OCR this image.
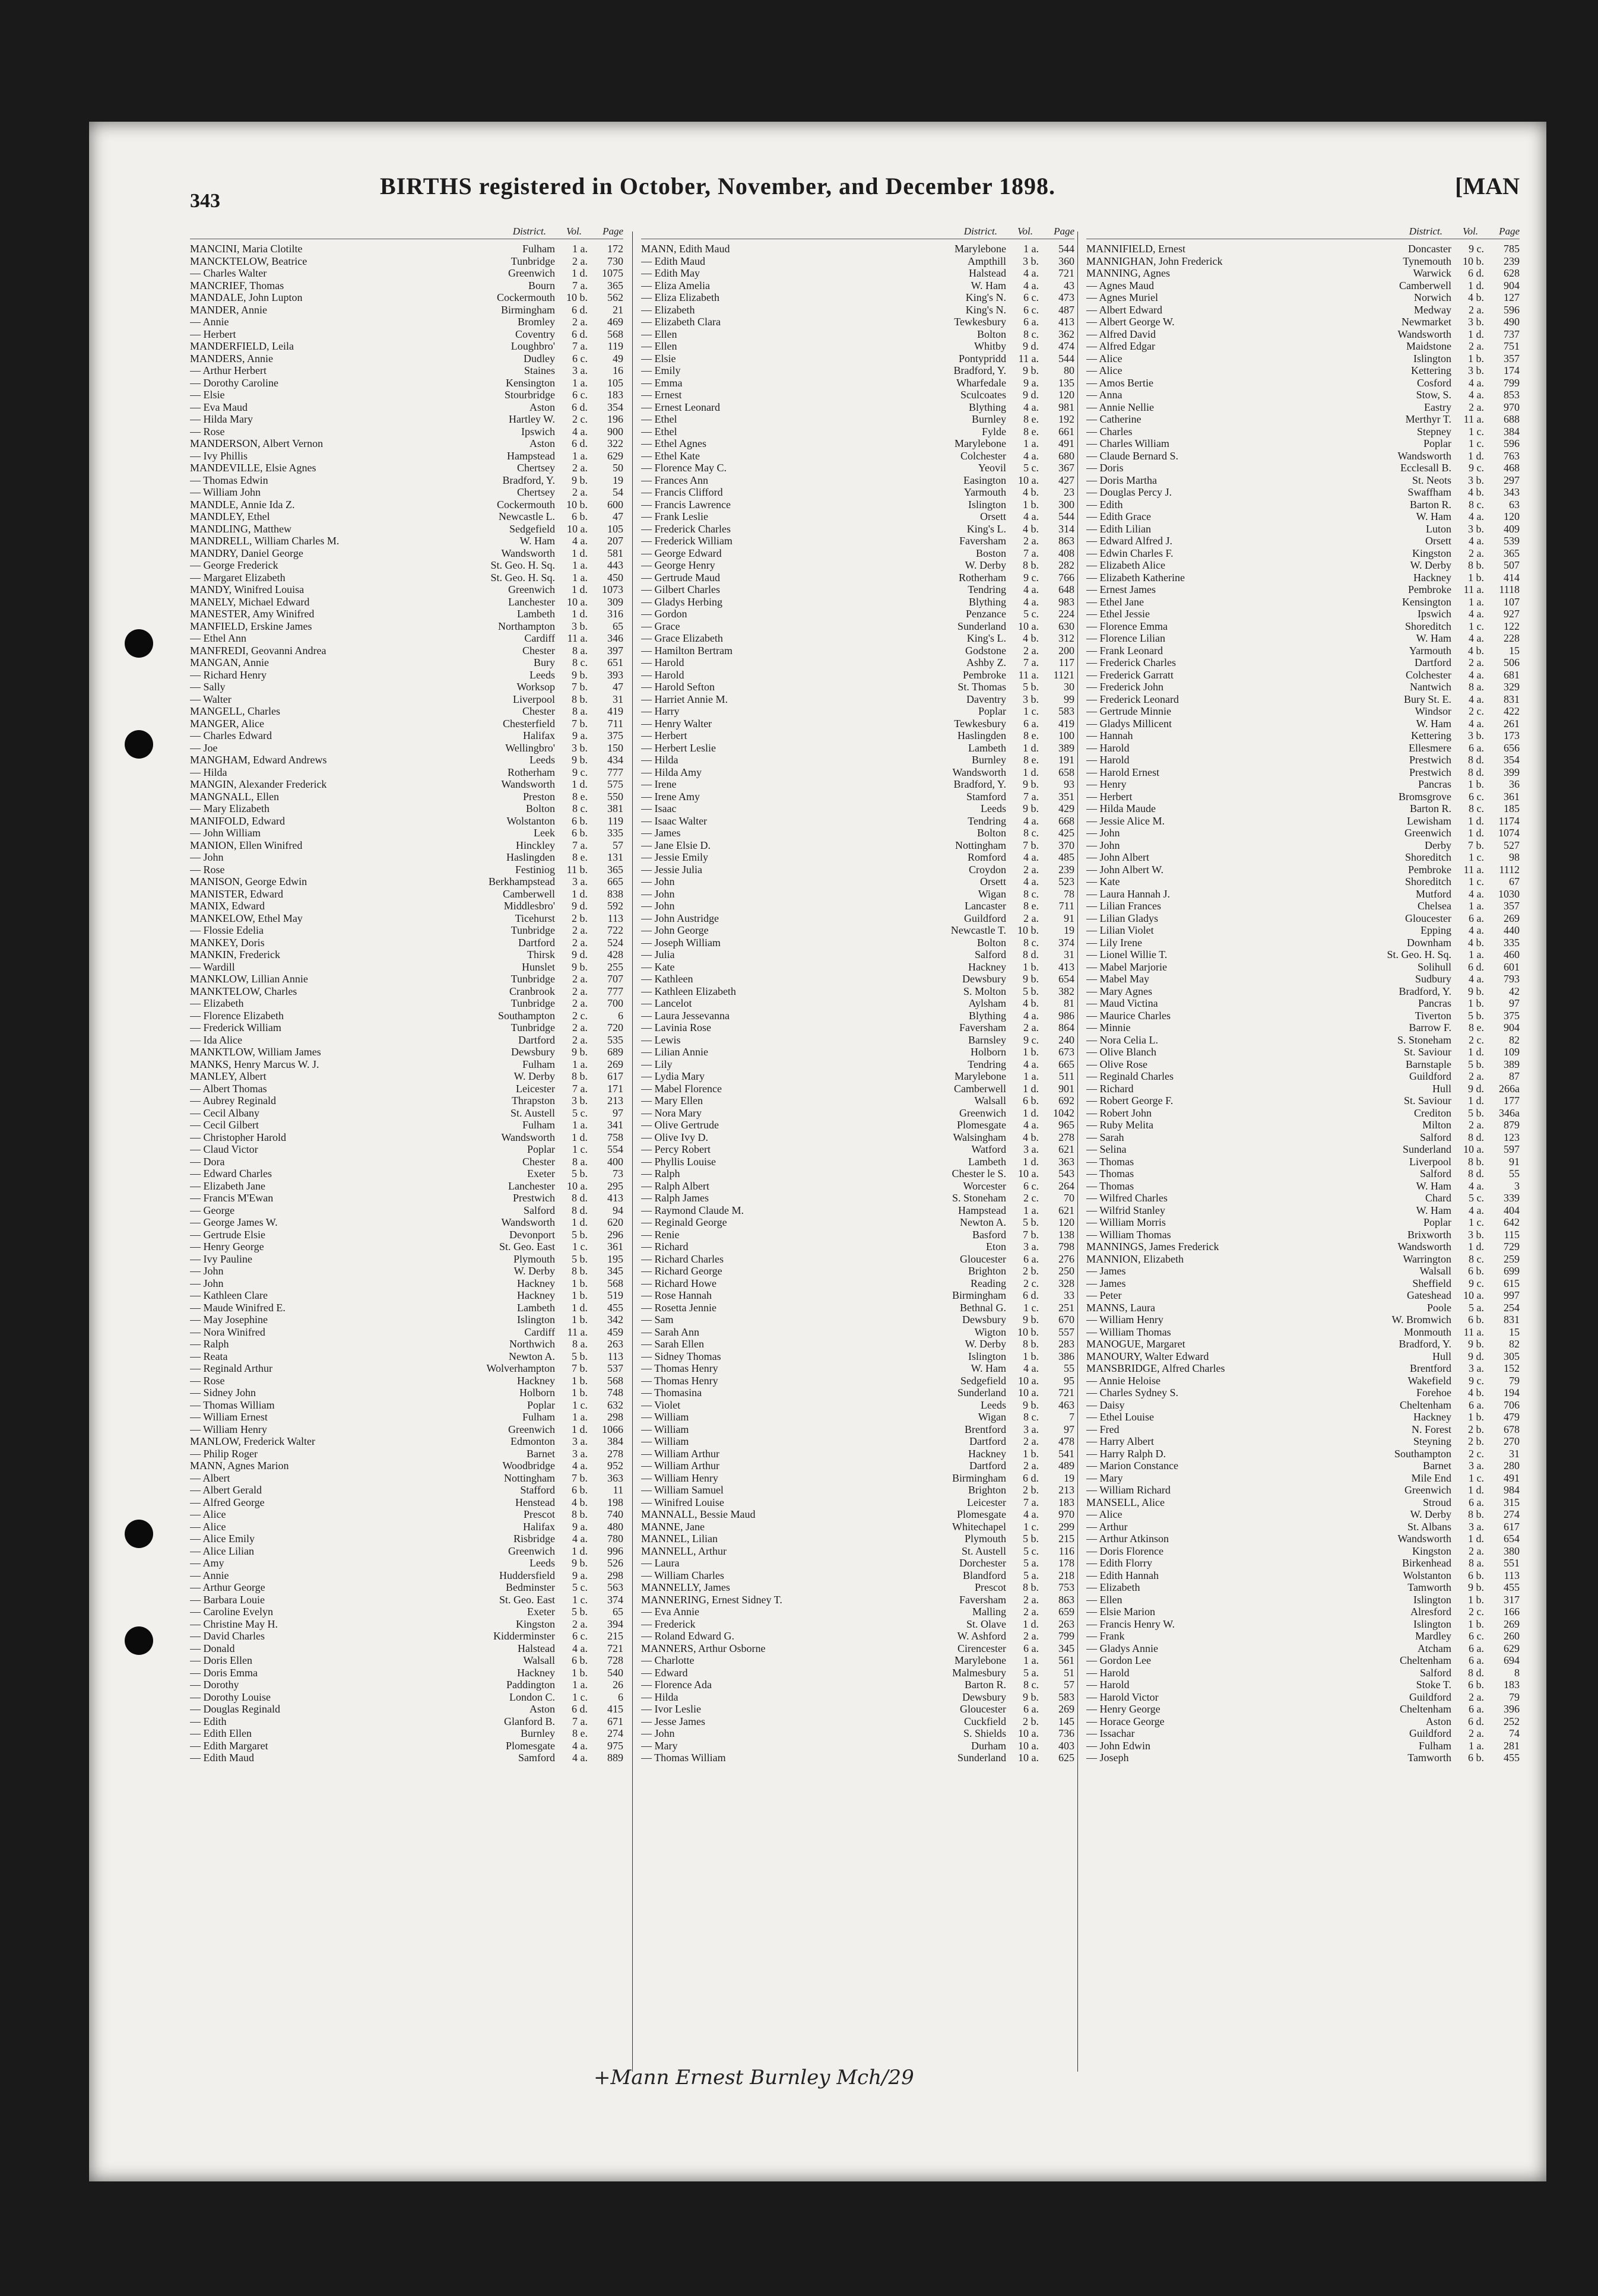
343
BIRTHS registered in October, November, and December 1898.	[MAN
District.	Vol.	Page
MANCINI, Maria Clotilte	Fulham	1 a.	172
MANCKTELOW, Beatrice	Tunbridge	2 a.	730
— Charles Walter	Greenwich	1 d.	1075
MANCRIEF, Thomas	Bourn	7 a.	365
MANDALE, John Lupton	Cockermouth	10 b.	562
MANDER, Annie	Birmingham	6 d.	21
— Annie	Bromley	2 a.	469
— Herbert	Coventry	6 d.	568
MANDERFIELD, Leila	Loughbro'	7 a.	119
MANDERS, Annie	Dudley	6 c.	49
— Arthur Herbert	Staines	3 a.	16
— Dorothy Caroline	Kensington	1 a.	105
— Elsie	Stourbridge	6 c.	183
— Eva Maud	Aston	6 d.	354
— Hilda Mary	Hartley W.	2 c.	196
— Rose	Ipswich	4 a.	900
MANDERSON, Albert Vernon	Aston	6 d.	322
— Ivy Phillis	Hampstead	1 a.	629
MANDEVILLE, Elsie Agnes	Chertsey	2 a.	50
— Thomas Edwin	Bradford, Y.	9 b.	19
— William John	Chertsey	2 a.	54
MANDLE, Annie Ida Z.	Cockermouth	10 b.	600
MANDLEY, Ethel	Newcastle L.	6 b.	47
MANDLING, Matthew	Sedgefield	10 a.	105
MANDRELL, William Charles M.	W. Ham	4 a.	207
MANDRY, Daniel George	Wandsworth	1 d.	581
— George Frederick	St. Geo. H. Sq.	1 a.	443
— Margaret Elizabeth	St. Geo. H. Sq.	1 a.	450
MANDY, Winifred Louisa	Greenwich	1 d.	1073
MANELY, Michael Edward	Lanchester	10 a.	309
MANESTER, Amy Winifred	Lambeth	1 d.	316
MANFIELD, Erskine James	Northampton	3 b.	65
— Ethel Ann	Cardiff	11 a.	346
MANFREDI, Geovanni Andrea	Chester	8 a.	397
MANGAN, Annie	Bury	8 c.	651
— Richard Henry	Leeds	9 b.	393
— Sally	Worksop	7 b.	47
— Walter	Liverpool	8 b.	31
MANGELL, Charles	Chester	8 a.	419
MANGER, Alice	Chesterfield	7 b.	711
— Charles Edward	Halifax	9 a.	375
— Joe	Wellingbro'	3 b.	150
MANGHAM, Edward Andrews	Leeds	9 b.	434
— Hilda	Rotherham	9 c.	777
MANGIN, Alexander Frederick	Wandsworth	1 d.	575
MANGNALL, Ellen	Preston	8 e.	550
— Mary Elizabeth	Bolton	8 c.	381
MANIFOLD, Edward	Wolstanton	6 b.	119
— John William	Leek	6 b.	335
MANION, Ellen Winifred	Hinckley	7 a.	57
— John	Haslingden	8 e.	131
— Rose	Festiniog	11 b.	365
MANISON, George Edwin	Berkhampstead	3 a.	665
MANISTER, Edward	Camberwell	1 d.	838
MANIX, Edward	Middlesbro'	9 d.	592
MANKELOW, Ethel May	Ticehurst	2 b.	113
— Flossie Edelia	Tunbridge	2 a.	722
MANKEY, Doris	Dartford	2 a.	524
MANKIN, Frederick	Thirsk	9 d.	428
— Wardill	Hunslet	9 b.	255
MANKLOW, Lillian Annie	Tunbridge	2 a.	707
MANKTELOW, Charles	Cranbrook	2 a.	777
— Elizabeth	Tunbridge	2 a.	700
— Florence Elizabeth	Southampton	2 c.	6
— Frederick William	Tunbridge	2 a.	720
— Ida Alice	Dartford	2 a.	535
MANKTLOW, William James	Dewsbury	9 b.	689
MANKS, Henry Marcus W. J.	Fulham	1 a.	269
MANLEY, Albert	W. Derby	8 b.	617
— Albert Thomas	Leicester	7 a.	171
— Aubrey Reginald	Thrapston	3 b.	213
— Cecil Albany	St. Austell	5 c.	97
— Cecil Gilbert	Fulham	1 a.	341
— Christopher Harold	Wandsworth	1 d.	758
— Claud Victor	Poplar	1 c.	554
— Dora	Chester	8 a.	400
— Edward Charles	Exeter	5 b.	73
— Elizabeth Jane	Lanchester	10 a.	295
— Francis M'Ewan	Prestwich	8 d.	413
— George	Salford	8 d.	94
— George James W.	Wandsworth	1 d.	620
— Gertrude Elsie	Devonport	5 b.	296
— Henry George	St. Geo. East	1 c.	361
— Ivy Pauline	Plymouth	5 b.	195
— John	W. Derby	8 b.	345
— John	Hackney	1 b.	568
— Kathleen Clare	Hackney	1 b.	519
— Maude Winifred E.	Lambeth	1 d.	455
— May Josephine	Islington	1 b.	342
— Nora Winifred	Cardiff	11 a.	459
— Ralph	Northwich	8 a.	263
— Reata	Newton A.	5 b.	113
— Reginald Arthur	Wolverhampton	7 b.	537
— Rose	Hackney	1 b.	568
— Sidney John	Holborn	1 b.	748
— Thomas William	Poplar	1 c.	632
— William Ernest	Fulham	1 a.	298
— William Henry	Greenwich	1 d.	1066
MANLOW, Frederick Walter	Edmonton	3 a.	384
— Philip Roger	Barnet	3 a.	278
MANN, Agnes Marion	Woodbridge	4 a.	952
— Albert	Nottingham	7 b.	363
— Albert Gerald	Stafford	6 b.	11
— Alfred George	Henstead	4 b.	198
— Alice	Prescot	8 b.	740
— Alice	Halifax	9 a.	480
— Alice Emily	Risbridge	4 a.	780
— Alice Lilian	Greenwich	1 d.	996
— Amy	Leeds	9 b.	526
— Annie	Huddersfield	9 a.	298
— Arthur George	Bedminster	5 c.	563
— Barbara Louie	St. Geo. East	1 c.	374
— Caroline Evelyn	Exeter	5 b.	65
— Christine May H.	Kingston	2 a.	394
— David Charles	Kidderminster	6 c.	215
— Donald	Halstead	4 a.	721
— Doris Ellen	Walsall	6 b.	728
— Doris Emma	Hackney	1 b.	540
— Dorothy	Paddington	1 a.	26
— Dorothy Louise	London C.	1 c.	6
— Douglas Reginald	Aston	6 d.	415
— Edith	Glanford B.	7 a.	671
— Edith Ellen	Burnley	8 e.	274
— Edith Margaret	Plomesgate	4 a.	975
— Edith Maud	Samford	4 a.	889
District.	Vol.	Page
MANN, Edith Maud	Marylebone	1 a.	544
— Edith Maud	Ampthill	3 b.	360
— Edith May	Halstead	4 a.	721
— Eliza Amelia	W. Ham	4 a.	43
— Eliza Elizabeth	King's N.	6 c.	473
— Elizabeth	King's N.	6 c.	487
— Elizabeth Clara	Tewkesbury	6 a.	413
— Ellen	Bolton	8 c.	362
— Ellen	Whitby	9 d.	474
— Elsie	Pontypridd	11 a.	544
— Emily	Bradford, Y.	9 b.	80
— Emma	Wharfedale	9 a.	135
— Ernest	Sculcoates	9 d.	120
— Ernest Leonard	Blything	4 a.	981
— Ethel	Burnley	8 e.	192
— Ethel	Fylde	8 e.	661
— Ethel Agnes	Marylebone	1 a.	491
— Ethel Kate	Colchester	4 a.	680
— Florence May C.	Yeovil	5 c.	367
— Frances Ann	Easington	10 a.	427
— Francis Clifford	Yarmouth	4 b.	23
— Francis Lawrence	Islington	1 b.	300
— Frank Leslie	Orsett	4 a.	544
— Frederick Charles	King's L.	4 b.	314
— Frederick William	Faversham	2 a.	863
— George Edward	Boston	7 a.	408
— George Henry	W. Derby	8 b.	282
— Gertrude Maud	Rotherham	9 c.	766
— Gilbert Charles	Tendring	4 a.	648
— Gladys Herbing	Blything	4 a.	983
— Gordon	Penzance	5 c.	224
— Grace	Sunderland	10 a.	630
— Grace Elizabeth	King's L.	4 b.	312
— Hamilton Bertram	Godstone	2 a.	200
— Harold	Ashby Z.	7 a.	117
— Harold	Pembroke	11 a.	1121
— Harold Sefton	St. Thomas	5 b.	30
— Harriet Annie M.	Daventry	3 b.	99
— Harry	Poplar	1 c.	583
— Henry Walter	Tewkesbury	6 a.	419
— Herbert	Haslingden	8 e.	100
— Herbert Leslie	Lambeth	1 d.	389
— Hilda	Burnley	8 e.	191
— Hilda Amy	Wandsworth	1 d.	658
— Irene	Bradford, Y.	9 b.	93
— Irene Amy	Stamford	7 a.	351
— Isaac	Leeds	9 b.	429
— Isaac Walter	Tendring	4 a.	668
— James	Bolton	8 c.	425
— Jane Elsie D.	Nottingham	7 b.	370
— Jessie Emily	Romford	4 a.	485
— Jessie Julia	Croydon	2 a.	239
— John	Orsett	4 a.	523
— John	Wigan	8 c.	78
— John	Lancaster	8 e.	711
— John Austridge	Guildford	2 a.	91
— John George	Newcastle T.	10 b.	19
— Joseph William	Bolton	8 c.	374
— Julia	Salford	8 d.	31
— Kate	Hackney	1 b.	413
— Kathleen	Dewsbury	9 b.	654
— Kathleen Elizabeth	S. Molton	5 b.	382
— Lancelot	Aylsham	4 b.	81
— Laura Jessevanna	Blything	4 a.	986
— Lavinia Rose	Faversham	2 a.	864
— Lewis	Barnsley	9 c.	240
— Lilian Annie	Holborn	1 b.	673
— Lily	Tendring	4 a.	665
— Lydia Mary	Marylebone	1 a.	511
— Mabel Florence	Camberwell	1 d.	901
— Mary Ellen	Walsall	6 b.	692
— Nora Mary	Greenwich	1 d.	1042
— Olive Gertrude	Plomesgate	4 a.	965
— Olive Ivy D.	Walsingham	4 b.	278
— Percy Robert	Watford	3 a.	621
— Phyllis Louise	Lambeth	1 d.	363
— Ralph	Chester le S.	10 a.	543
— Ralph Albert	Worcester	6 c.	264
— Ralph James	S. Stoneham	2 c.	70
— Raymond Claude M.	Hampstead	1 a.	621
— Reginald George	Newton A.	5 b.	120
— Renie	Basford	7 b.	138
— Richard	Eton	3 a.	798
— Richard Charles	Gloucester	6 a.	276
— Richard George	Brighton	2 b.	250
— Richard Howe	Reading	2 c.	328
— Rose Hannah	Birmingham	6 d.	33
— Rosetta Jennie	Bethnal G.	1 c.	251
— Sam	Dewsbury	9 b.	670
— Sarah Ann	Wigton	10 b.	557
— Sarah Ellen	W. Derby	8 b.	283
— Sidney Thomas	Islington	1 b.	386
— Thomas Henry	W. Ham	4 a.	55
— Thomas Henry	Sedgefield	10 a.	95
— Thomasina	Sunderland	10 a.	721
— Violet	Leeds	9 b.	463
— William	Wigan	8 c.	7
— William	Brentford	3 a.	97
— William	Dartford	2 a.	478
— William Arthur	Hackney	1 b.	541
— William Arthur	Dartford	2 a.	489
— William Henry	Birmingham	6 d.	19
— William Samuel	Brighton	2 b.	213
— Winifred Louise	Leicester	7 a.	183
MANNALL, Bessie Maud	Plomesgate	4 a.	970
MANNE, Jane	Whitechapel	1 c.	299
MANNEL, Lilian	Plymouth	5 b.	215
MANNELL, Arthur	St. Austell	5 c.	116
— Laura	Dorchester	5 a.	178
— William Charles	Blandford	5 a.	218
MANNELLY, James	Prescot	8 b.	753
MANNERING, Ernest Sidney T.	Faversham	2 a.	863
— Eva Annie	Malling	2 a.	659
— Frederick	St. Olave	1 d.	263
— Roland Edward G.	W. Ashford	2 a.	799
MANNERS, Arthur Osborne	Cirencester	6 a.	345
— Charlotte	Marylebone	1 a.	561
— Edward	Malmesbury	5 a.	51
— Florence Ada	Barton R.	8 c.	57
— Hilda	Dewsbury	9 b.	583
— Ivor Leslie	Gloucester	6 a.	269
— Jesse James	Cuckfield	2 b.	145
— John	S. Shields	10 a.	736
— Mary	Durham	10 a.	403
— Thomas William	Sunderland	10 a.	625
District.	Vol.	Page
MANNIFIELD, Ernest	Doncaster	9 c.	785
MANNIGHAN, John Frederick	Tynemouth	10 b.	239
MANNING, Agnes	Warwick	6 d.	628
— Agnes Maud	Camberwell	1 d.	904
— Agnes Muriel	Norwich	4 b.	127
— Albert Edward	Medway	2 a.	596
— Albert George W.	Newmarket	3 b.	490
— Alfred David	Wandsworth	1 d.	737
— Alfred Edgar	Maidstone	2 a.	751
— Alice	Islington	1 b.	357
— Alice	Kettering	3 b.	174
— Amos Bertie	Cosford	4 a.	799
— Anna	Stow, S.	4 a.	853
— Annie Nellie	Eastry	2 a.	970
— Catherine	Merthyr T.	11 a.	688
— Charles	Stepney	1 c.	384
— Charles William	Poplar	1 c.	596
— Claude Bernard S.	Wandsworth	1 d.	763
— Doris	Ecclesall B.	9 c.	468
— Doris Martha	St. Neots	3 b.	297
— Douglas Percy J.	Swaffham	4 b.	343
— Edith	Barton R.	8 c.	63
— Edith Grace	W. Ham	4 a.	120
— Edith Lilian	Luton	3 b.	409
— Edward Alfred J.	Orsett	4 a.	539
— Edwin Charles F.	Kingston	2 a.	365
— Elizabeth Alice	W. Derby	8 b.	507
— Elizabeth Katherine	Hackney	1 b.	414
— Ernest James	Pembroke	11 a.	1118
— Ethel Jane	Kensington	1 a.	107
— Ethel Jessie	Ipswich	4 a.	927
— Florence Emma	Shoreditch	1 c.	122
— Florence Lilian	W. Ham	4 a.	228
— Frank Leonard	Yarmouth	4 b.	15
— Frederick Charles	Dartford	2 a.	506
— Frederick Garratt	Colchester	4 a.	681
— Frederick John	Nantwich	8 a.	329
— Frederick Leonard	Bury St. E.	4 a.	831
— Gertrude Minnie	Windsor	2 c.	422
— Gladys Millicent	W. Ham	4 a.	261
— Hannah	Kettering	3 b.	173
— Harold	Ellesmere	6 a.	656
— Harold	Prestwich	8 d.	354
— Harold Ernest	Prestwich	8 d.	399
— Henry	Pancras	1 b.	36
— Herbert	Bromsgrove	6 c.	361
— Hilda Maude	Barton R.	8 c.	185
— Jessie Alice M.	Lewisham	1 d.	1174
— John	Greenwich	1 d.	1074
— John	Derby	7 b.	527
— John Albert	Shoreditch	1 c.	98
— John Albert W.	Pembroke	11 a.	1112
— Kate	Shoreditch	1 c.	67
— Laura Hannah J.	Mutford	4 a.	1030
— Lilian Frances	Chelsea	1 a.	357
— Lilian Gladys	Gloucester	6 a.	269
— Lilian Violet	Epping	4 a.	440
— Lily Irene	Downham	4 b.	335
— Lionel Willie T.	St. Geo. H. Sq.	1 a.	460
— Mabel Marjorie	Solihull	6 d.	601
— Mabel May	Sudbury	4 a.	793
— Mary Agnes	Bradford, Y.	9 b.	42
— Maud Victina	Pancras	1 b.	97
— Maurice Charles	Tiverton	5 b.	375
— Minnie	Barrow F.	8 e.	904
— Nora Celia L.	S. Stoneham	2 c.	82
— Olive Blanch	St. Saviour	1 d.	109
— Olive Rose	Barnstaple	5 b.	389
— Reginald Charles	Guildford	2 a.	87
— Richard	Hull	9 d.	266a
— Robert George F.	St. Saviour	1 d.	177
— Robert John	Crediton	5 b.	346a
— Ruby Melita	Milton	2 a.	879
— Sarah	Salford	8 d.	123
— Selina	Sunderland	10 a.	597
— Thomas	Liverpool	8 b.	91
— Thomas	Salford	8 d.	55
— Thomas	W. Ham	4 a.	3
— Wilfred Charles	Chard	5 c.	339
— Wilfrid Stanley	W. Ham	4 a.	404
— William Morris	Poplar	1 c.	642
— William Thomas	Brixworth	3 b.	115
MANNINGS, James Frederick	Wandsworth	1 d.	729
MANNION, Elizabeth	Warrington	8 c.	259
— James	Walsall	6 b.	699
— James	Sheffield	9 c.	615
— Peter	Gateshead	10 a.	997
MANNS, Laura	Poole	5 a.	254
— William Henry	W. Bromwich	6 b.	831
— William Thomas	Monmouth	11 a.	15
MANOGUE, Margaret	Bradford, Y.	9 b.	82
MANOURY, Walter Edward	Hull	9 d.	305
MANSBRIDGE, Alfred Charles	Brentford	3 a.	152
— Annie Heloise	Wakefield	9 c.	79
— Charles Sydney S.	Forehoe	4 b.	194
— Daisy	Cheltenham	6 a.	706
— Ethel Louise	Hackney	1 b.	479
— Fred	N. Forest	2 b.	678
— Harry Albert	Steyning	2 b.	270
— Harry Ralph D.	Southampton	2 c.	31
— Marion Constance	Barnet	3 a.	280
— Mary	Mile End	1 c.	491
— William Richard	Greenwich	1 d.	984
MANSELL, Alice	Stroud	6 a.	315
— Alice	W. Derby	8 b.	274
— Arthur	St. Albans	3 a.	617
— Arthur Atkinson	Wandsworth	1 d.	654
— Doris Florence	Kingston	2 a.	380
— Edith Florry	Birkenhead	8 a.	551
— Edith Hannah	Wolstanton	6 b.	113
— Elizabeth	Tamworth	9 b.	455
— Ellen	Islington	1 b.	317
— Elsie Marion	Alresford	2 c.	166
— Francis Henry W.	Islington	1 b.	269
— Frank	Mardley	6 c.	260
— Gladys Annie	Atcham	6 a.	629
— Gordon Lee	Cheltenham	6 a.	694
— Harold	Salford	8 d.	8
— Harold	Stoke T.	6 b.	183
— Harold Victor	Guildford	2 a.	79
— Henry George	Cheltenham	6 a.	396
— Horace George	Aston	6 d.	252
— Issachar	Guildford	2 a.	74
— John Edwin	Fulham	1 a.	281
— Joseph	Tamworth	6 b.	455
+Mann Ernest Burnley Mch/29
